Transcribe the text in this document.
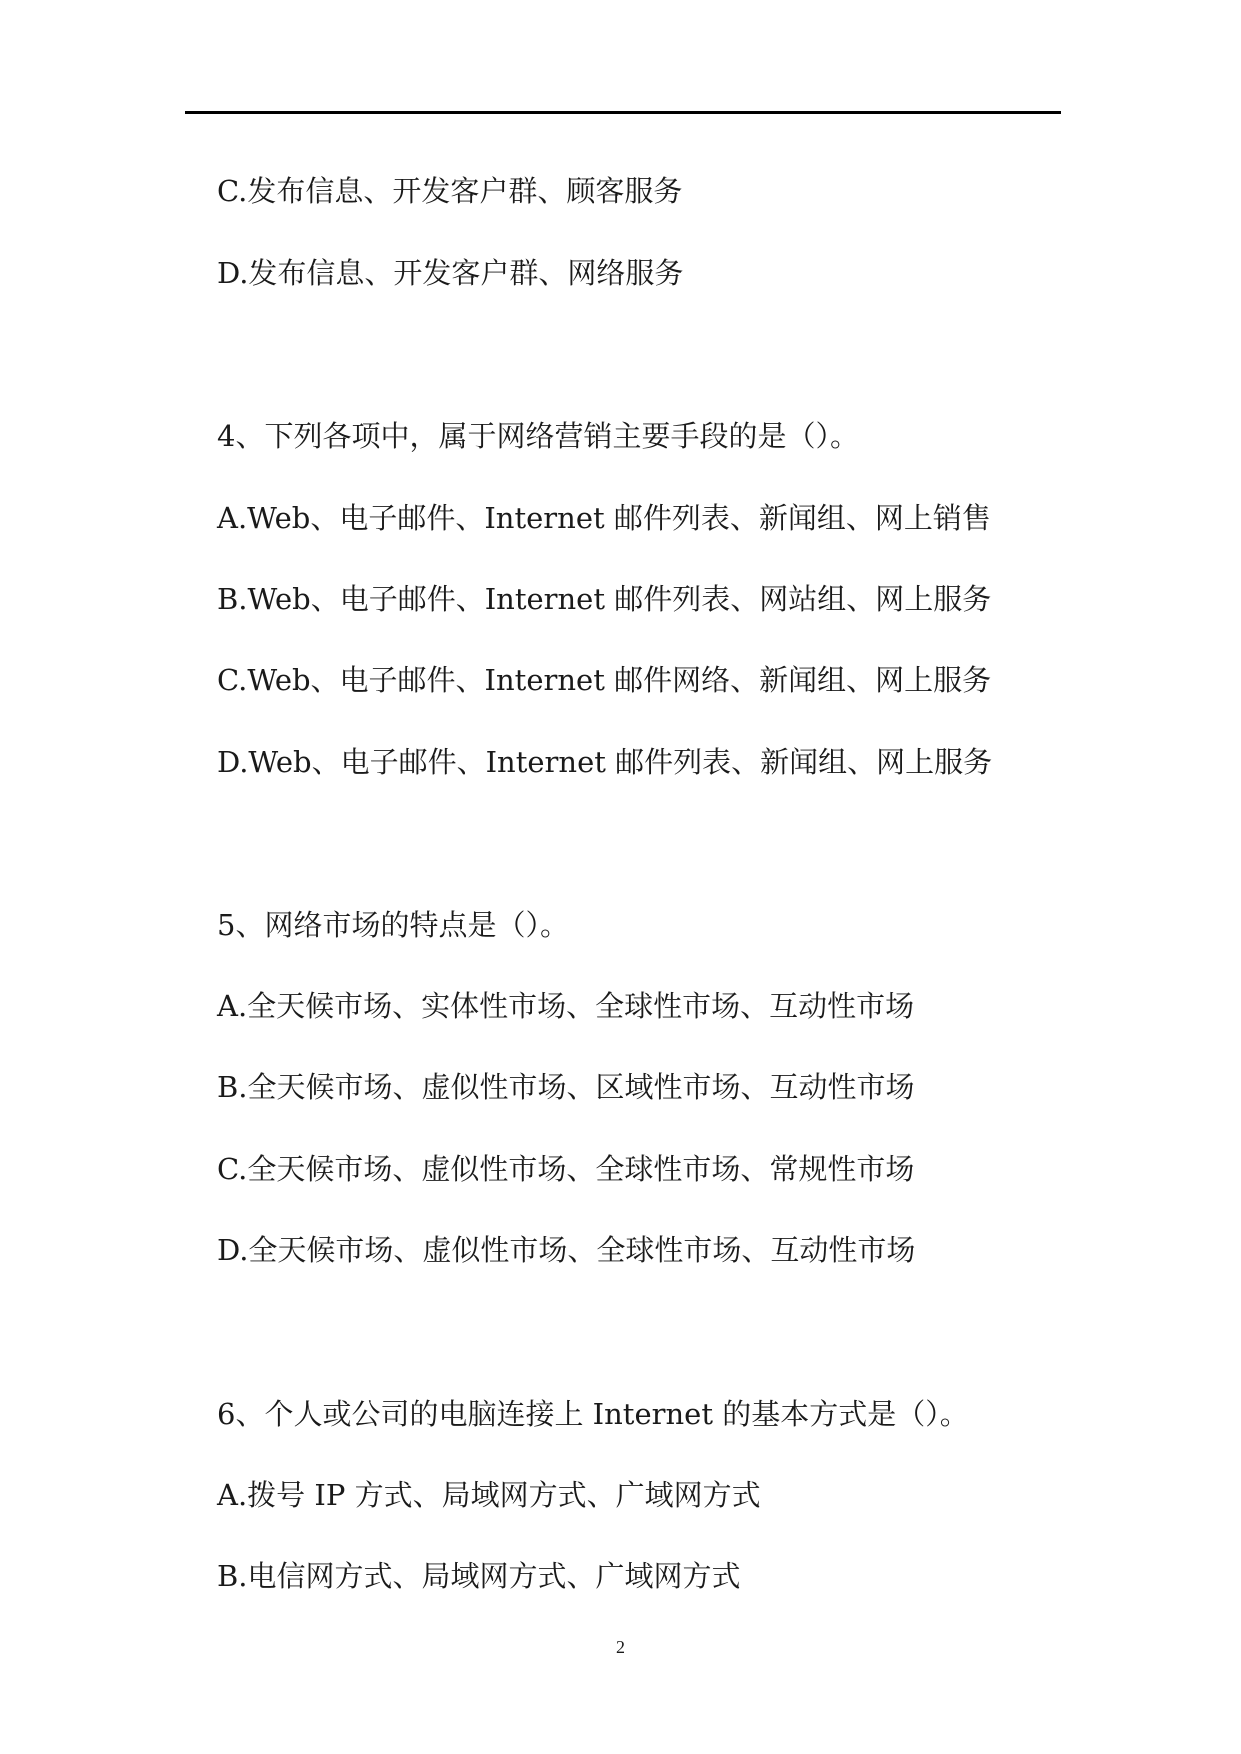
C.发布信息、开发客户群、顾客服务
D.发布信息、开发客户群、网络服务
4、下列各项中，属于网络营销主要手段的是（）。
A.Web、电子邮件、Internet 邮件列表、新闻组、网上销售
B.Web、电子邮件、Internet 邮件列表、网站组、网上服务
C.Web、电子邮件、Internet 邮件网络、新闻组、网上服务
D.Web、电子邮件、Internet 邮件列表、新闻组、网上服务
5、网络市场的特点是（）。
A.全天候市场、实体性市场、全球性市场、互动性市场
B.全天候市场、虚似性市场、区域性市场、互动性市场
C.全天候市场、虚似性市场、全球性市场、常规性市场
D.全天候市场、虚似性市场、全球性市场、互动性市场
6、个人或公司的电脑连接上 Internet 的基本方式是（）。
A.拨号 IP 方式、局域网方式、广域网方式
B.电信网方式、局域网方式、广域网方式
2
